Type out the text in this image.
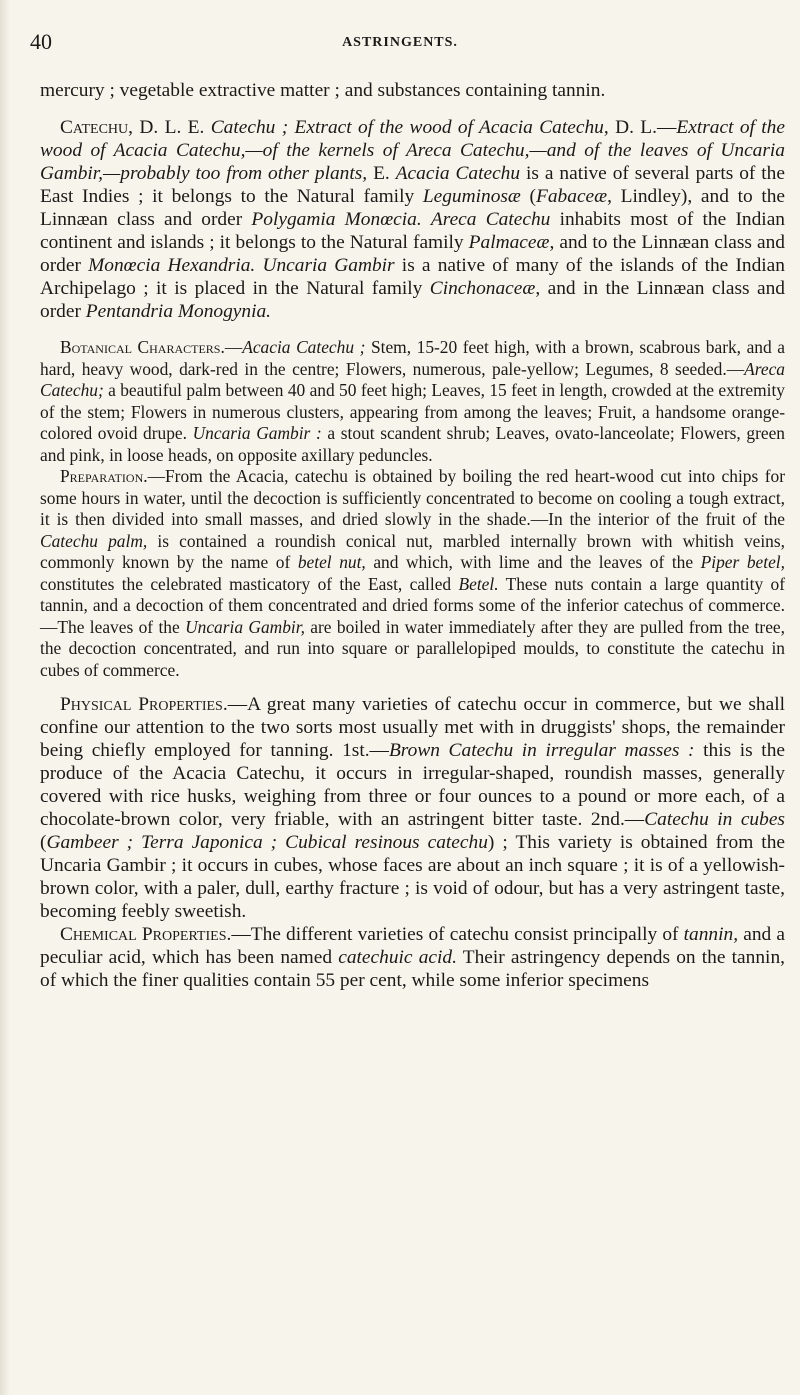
40	ASTRINGENTS.

mercury ; vegetable extractive matter ; and substances containing tannin.

Catechu, D. L. E. Catechu ; Extract of the wood of Acacia Catechu, D. L.—Extract of the wood of Acacia Catechu,—of the kernels of Areca Catechu,—and of the leaves of Uncaria Gambir,—probably too from other plants, E. Acacia Catechu is a native of several parts of the East Indies ; it belongs to the Natural family Leguminosæ (Fabaceæ, Lindley), and to the Linnæan class and order Polygamia Monœcia. Areca Catechu inhabits most of the Indian continent and islands ; it belongs to the Natural family Palmaceæ, and to the Linnæan class and order Monœcia Hexandria. Uncaria Gambir is a native of many of the islands of the Indian Archipelago ; it is placed in the Natural family Cinchonaceæ, and in the Linnæan class and order Pentandria Monogynia.

Botanical Characters.—Acacia Catechu ; Stem, 15-20 feet high, with a brown, scabrous bark, and a hard, heavy wood, dark-red in the centre; Flowers, numerous, pale-yellow; Legumes, 8 seeded.—Areca Catechu; a beautiful palm between 40 and 50 feet high; Leaves, 15 feet in length, crowded at the extremity of the stem; Flowers in numerous clusters, appearing from among the leaves; Fruit, a handsome orange-colored ovoid drupe. Uncaria Gambir : a stout scandent shrub; Leaves, ovato-lanceolate; Flowers, green and pink, in loose heads, on opposite axillary peduncles.

Preparation.—From the Acacia, catechu is obtained by boiling the red heart-wood cut into chips for some hours in water, until the decoction is sufficiently concentrated to become on cooling a tough extract, it is then divided into small masses, and dried slowly in the shade.—In the interior of the fruit of the Catechu palm, is contained a roundish conical nut, marbled internally brown with whitish veins, commonly known by the name of betel nut, and which, with lime and the leaves of the Piper betel, constitutes the celebrated masticatory of the East, called Betel. These nuts contain a large quantity of tannin, and a decoction of them concentrated and dried forms some of the inferior catechus of commerce.—The leaves of the Uncaria Gambir, are boiled in water immediately after they are pulled from the tree, the decoction concentrated, and run into square or parallelopiped moulds, to constitute the catechu in cubes of commerce.

Physical Properties.—A great many varieties of catechu occur in commerce, but we shall confine our attention to the two sorts most usually met with in druggists' shops, the remainder being chiefly employed for tanning. 1st.—Brown Catechu in irregular masses : this is the produce of the Acacia Catechu, it occurs in irregular-shaped, roundish masses, generally covered with rice husks, weighing from three or four ounces to a pound or more each, of a chocolate-brown color, very friable, with an astringent bitter taste. 2nd.—Catechu in cubes (Gambeer ; Terra Japonica ; Cubical resinous catechu) ; This variety is obtained from the Uncaria Gambir ; it occurs in cubes, whose faces are about an inch square ; it is of a yellowish-brown color, with a paler, dull, earthy fracture ; is void of odour, but has a very astringent taste, becoming feebly sweetish.

Chemical Properties.—The different varieties of catechu consist principally of tannin, and a peculiar acid, which has been named catechuic acid. Their astringency depends on the tannin, of which the finer qualities contain 55 per cent, while some inferior specimens
